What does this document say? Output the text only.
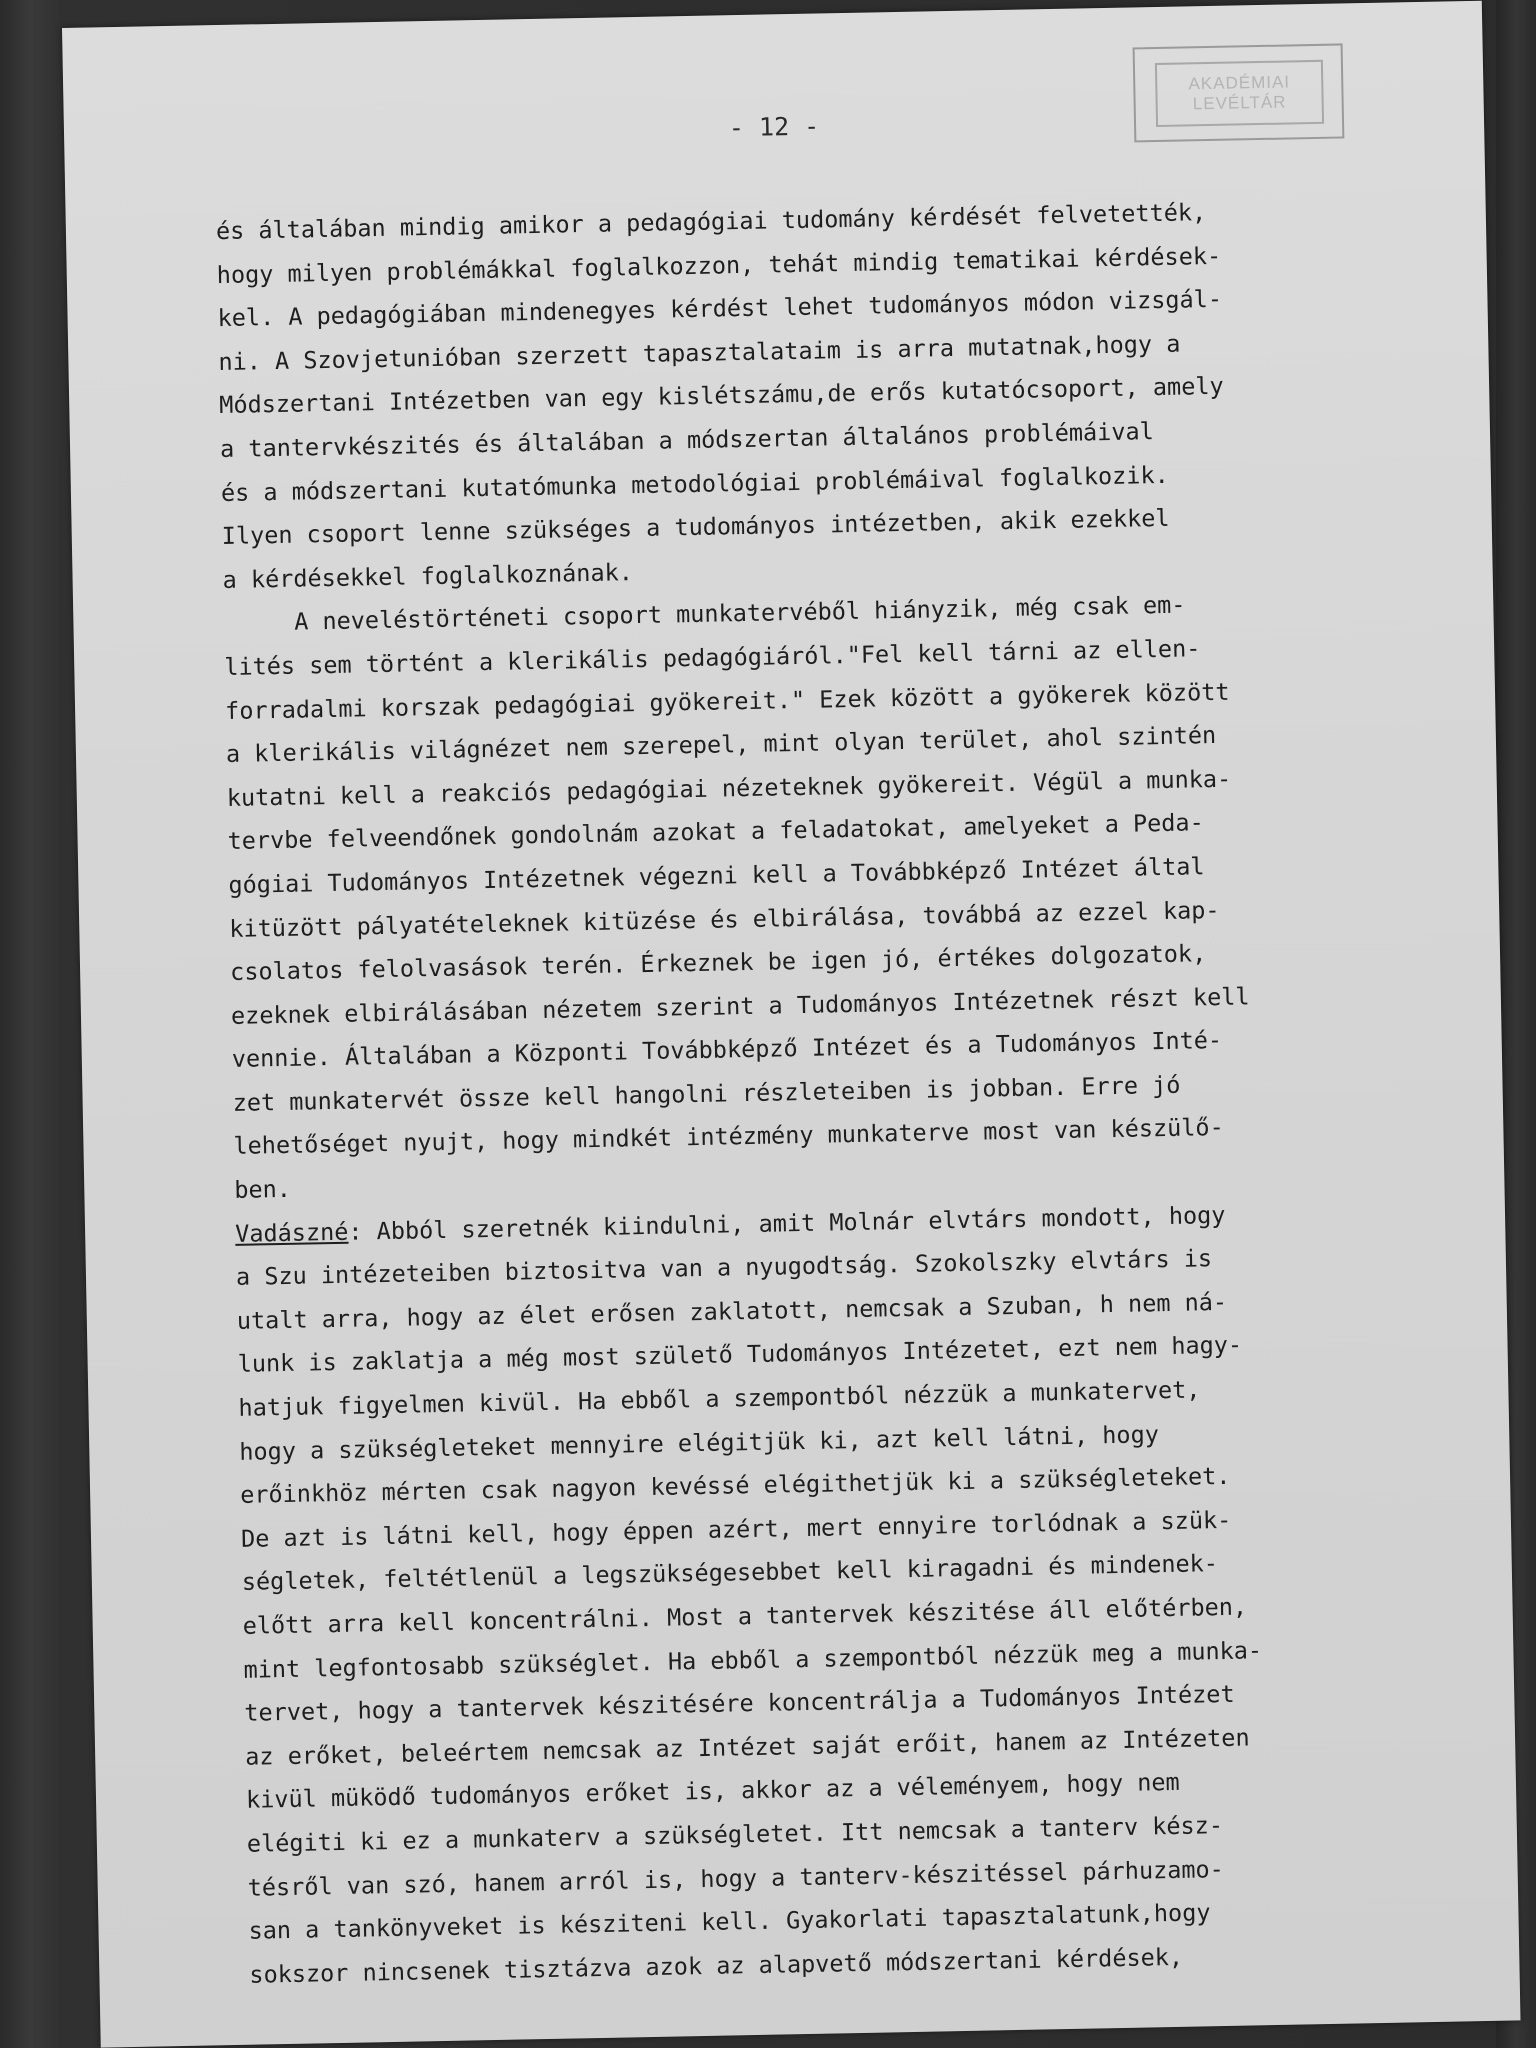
AKADÉMIAI
LEVÉLTÁR
- 12 -
és általában mindig amikor a pedagógiai tudomány kérdését felvetették,
hogy milyen problémákkal foglalkozzon, tehát mindig tematikai kérdések-
kel. A pedagógiában mindenegyes kérdést lehet tudományos módon vizsgál-
ni. A Szovjetunióban szerzett tapasztalataim is arra mutatnak,hogy a
Módszertani Intézetben van egy kislétszámu,de erős kutatócsoport, amely
a tantervkészités és általában a módszertan általános problémáival
és a módszertani kutatómunka metodológiai problémáival foglalkozik.
Ilyen csoport lenne szükséges a tudományos intézetben, akik ezekkel
a kérdésekkel foglalkoznának.
A neveléstörténeti csoport munkatervéből hiányzik, még csak em-
lités sem történt a klerikális pedagógiáról."Fel kell tárni az ellen-
forradalmi korszak pedagógiai gyökereit." Ezek között a gyökerek között
a klerikális világnézet nem szerepel, mint olyan terület, ahol szintén
kutatni kell a reakciós pedagógiai nézeteknek gyökereit. Végül a munka-
tervbe felveendőnek gondolnám azokat a feladatokat, amelyeket a Peda-
gógiai Tudományos Intézetnek végezni kell a Továbbképző Intézet által
kitüzött pályatételeknek kitüzése és elbirálása, továbbá az ezzel kap-
csolatos felolvasások terén. Érkeznek be igen jó, értékes dolgozatok,
ezeknek elbirálásában nézetem szerint a Tudományos Intézetnek részt kell
vennie. Általában a Központi Továbbképző Intézet és a Tudományos Inté-
zet munkatervét össze kell hangolni részleteiben is jobban. Erre jó
lehetőséget nyujt, hogy mindkét intézmény munkaterve most van készülő-
ben.
Vadászné: Abból szeretnék kiindulni, amit Molnár elvtárs mondott, hogy
a Szu intézeteiben biztositva van a nyugodtság. Szokolszky elvtárs is
utalt arra, hogy az élet erősen zaklatott, nemcsak a Szuban, h nem ná-
lunk is zaklatja a még most születő Tudományos Intézetet, ezt nem hagy-
hatjuk figyelmen kivül. Ha ebből a szempontból nézzük a munkatervet,
hogy a szükségleteket mennyire elégitjük ki, azt kell látni, hogy
erőinkhöz mérten csak nagyon kevéssé elégithetjük ki a szükségleteket.
De azt is látni kell, hogy éppen azért, mert ennyire torlódnak a szük-
ségletek, feltétlenül a legszükségesebbet kell kiragadni és mindenek-
előtt arra kell koncentrálni. Most a tantervek készitése áll előtérben,
mint legfontosabb szükséglet. Ha ebből a szempontból nézzük meg a munka-
tervet, hogy a tantervek készitésére koncentrálja a Tudományos Intézet
az erőket, beleértem nemcsak az Intézet saját erőit, hanem az Intézeten
kivül müködő tudományos erőket is, akkor az a véleményem, hogy nem
elégiti ki ez a munkaterv a szükségletet. Itt nemcsak a tanterv kész-
tésről van szó, hanem arról is, hogy a tanterv-készitéssel párhuzamo-
san a tankönyveket is késziteni kell. Gyakorlati tapasztalatunk,hogy
sokszor nincsenek tisztázva azok az alapvető módszertani kérdések,
